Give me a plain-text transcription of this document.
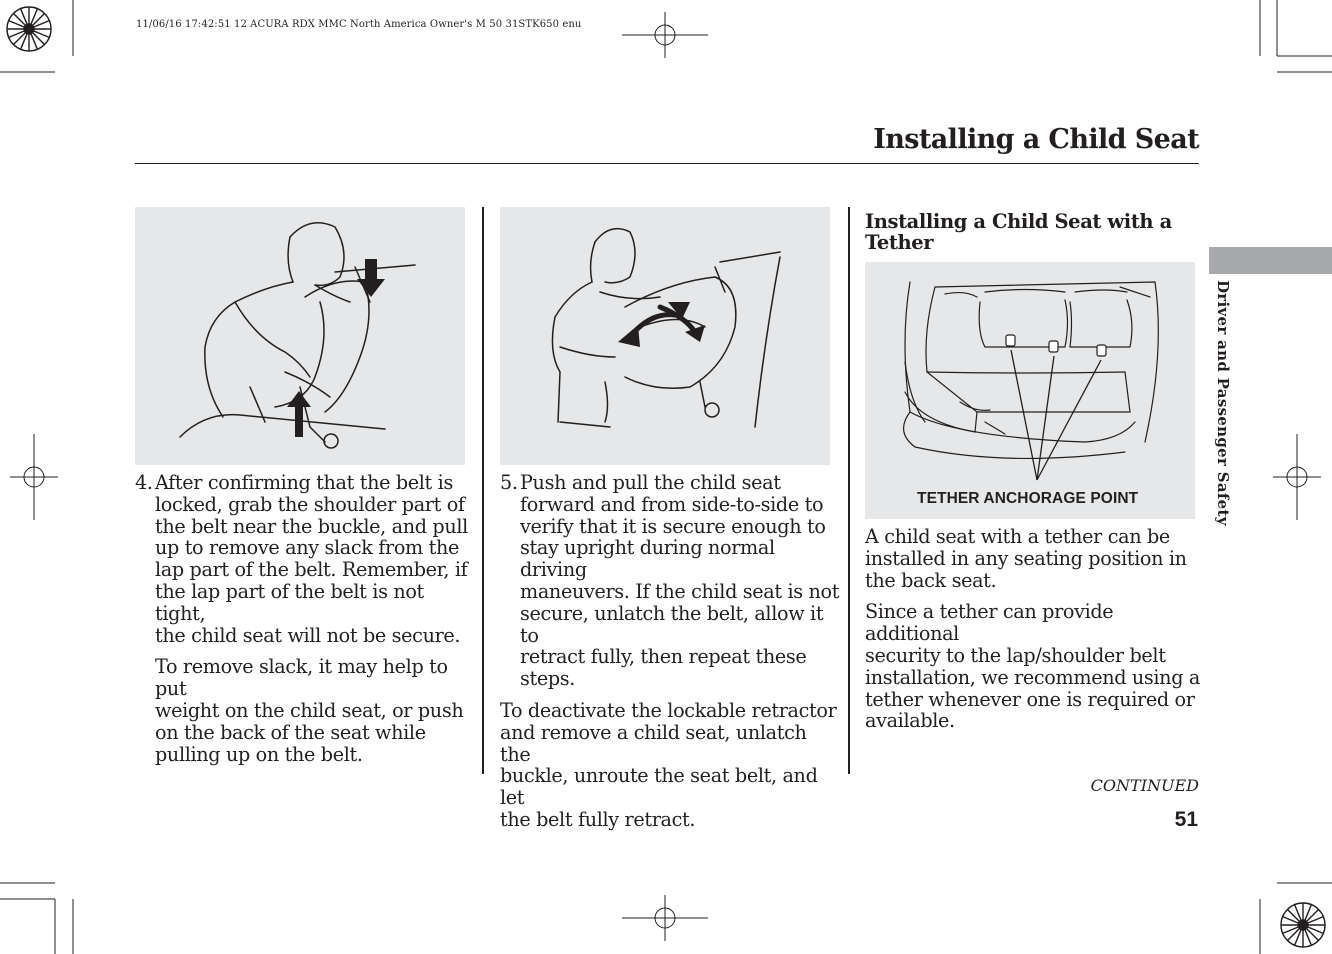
11/06/16 17:42:51 12 ACURA RDX MMC North America Owner's M 50 31STK650 enu
Installing a Child Seat
Driver and Passenger Safety
4. After confirming that the belt is
locked, grab the shoulder part of
the belt near the buckle, and pull
up to remove any slack from the
lap part of the belt. Remember, if
the lap part of the belt is not tight,
the child seat will not be secure.
To remove slack, it may help to put
weight on the child seat, or push
on the back of the seat while
pulling up on the belt.
5. Push and pull the child seat
forward and from side-to-side to
verify that it is secure enough to
stay upright during normal driving
maneuvers. If the child seat is not
secure, unlatch the belt, allow it to
retract fully, then repeat these
steps.
To deactivate the lockable retractor
and remove a child seat, unlatch the
buckle, unroute the seat belt, and let
the belt fully retract.
Installing a Child Seat with a
Tether
TETHER ANCHORAGE POINT
A child seat with a tether can be
installed in any seating position in
the back seat.
Since a tether can provide additional
security to the lap/shoulder belt
installation, we recommend using a
tether whenever one is required or
available.
CONTINUED
51
